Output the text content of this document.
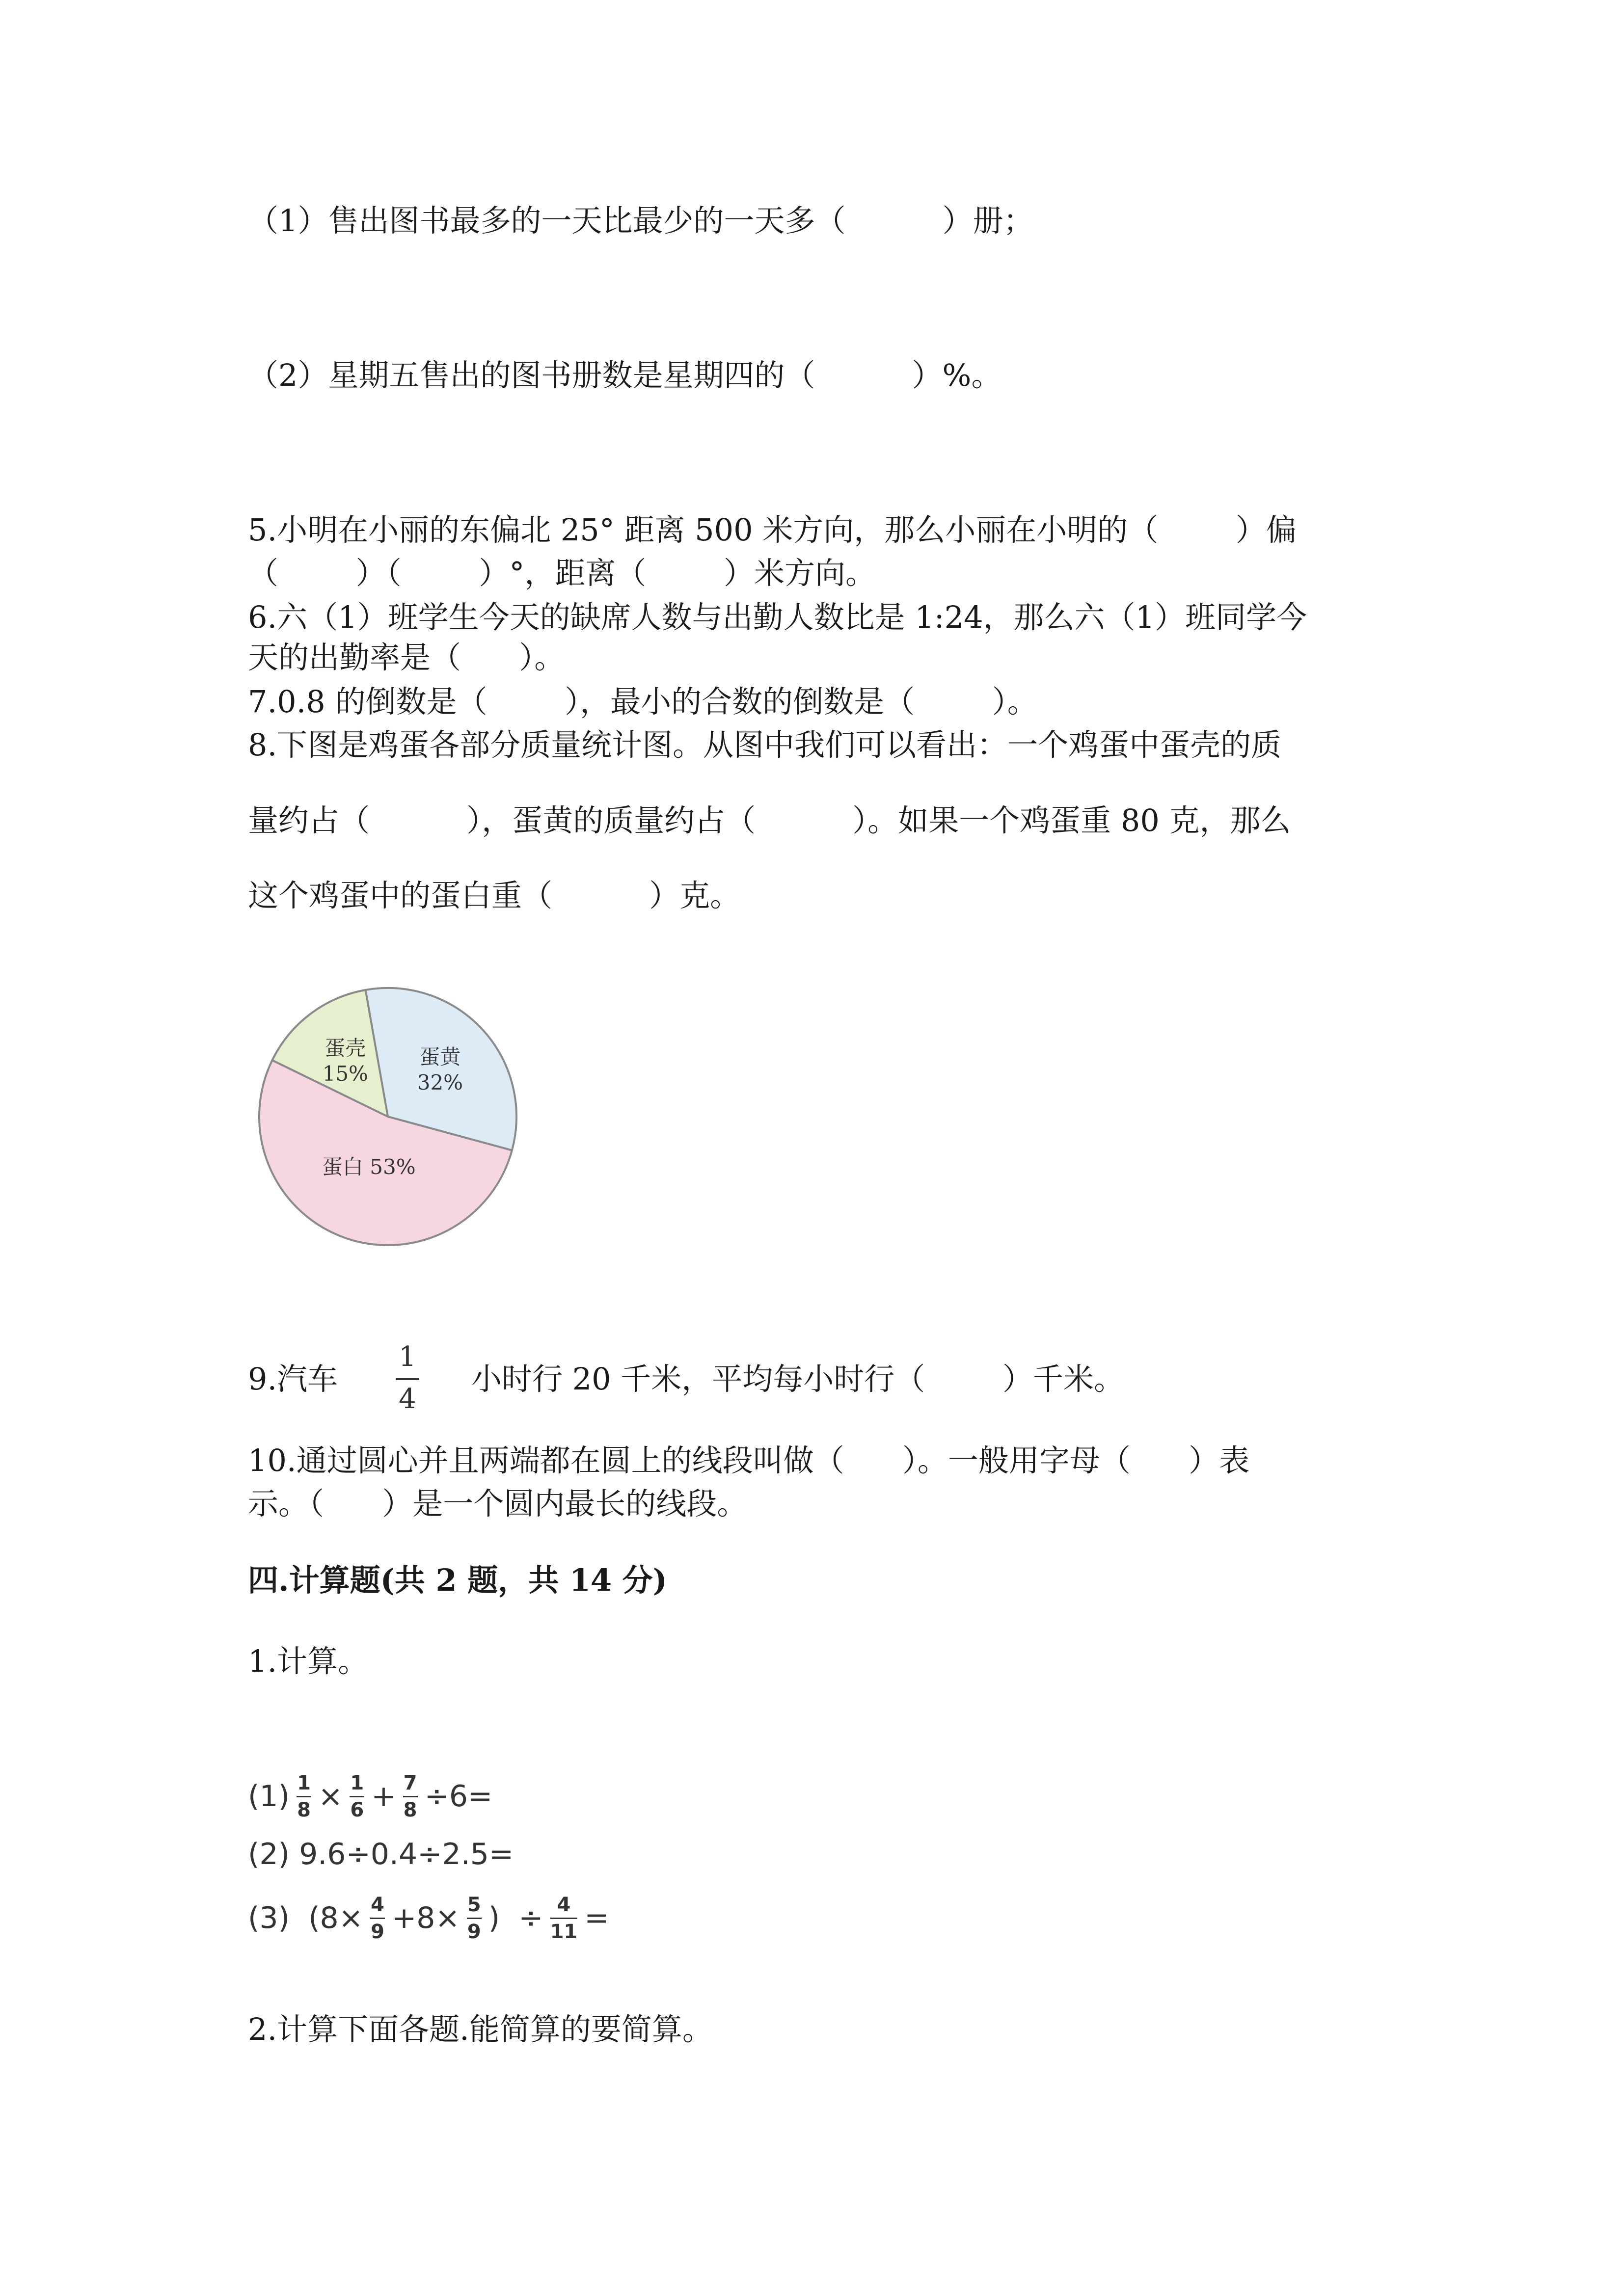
（1）售出图书最多的一天比最少的一天多（          ）册；
（2）星期五售出的图书册数是星期四的（          ）%。
5.小明在小丽的东偏北 25° 距离 500 米方向，那么小丽在小明的（        ）偏
（        ）（        ）°，距离（        ）米方向。
6.六（1）班学生今天的缺席人数与出勤人数比是 1:24，那么六（1）班同学今
天的出勤率是（      ）。
7.0.8 的倒数是（        ），最小的合数的倒数是（        ）。
8.下图是鸡蛋各部分质量统计图。从图中我们可以看出：一个鸡蛋中蛋壳的质
量约占（          ），蛋黄的质量约占（          ）。如果一个鸡蛋重 80 克，那么
这个鸡蛋中的蛋白重（          ）克。
蛋黄
32%
蛋白 53%
蛋壳
15%
9.汽车
1
4
小时行 20 千米，平均每小时行（        ）千米。
10.通过圆心并且两端都在圆上的线段叫做（      ）。一般用字母（      ）表
示。（      ）是一个圆内最长的线段。
四.计算题(共 2 题，共 14 分)
1.计算。
(1) 1
8 × 1
6 + 7
8 ÷6=
(2) 9.6÷0.4÷2.5=
(3)  (8× 4
9 +8× 5
9 )  ÷ 4
11 =
2.计算下面各题.能简算的要简算。
